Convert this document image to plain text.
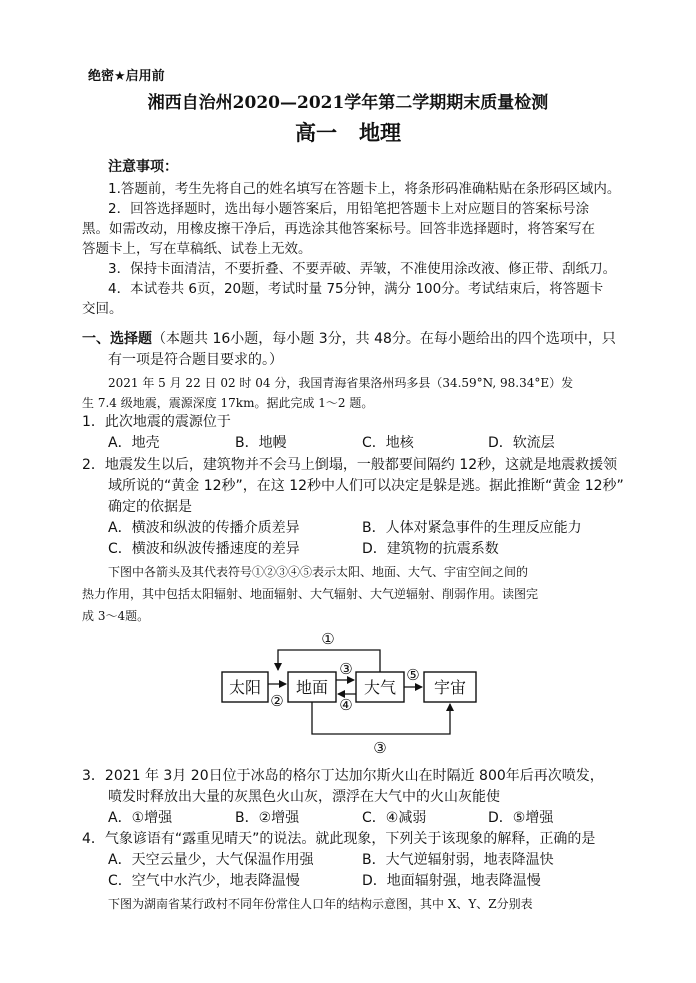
绝密★启用前
湘西自治州2020—2021学年第二学期期末质量检测
高一   地理
注意事项：
1.答题前，考生先将自己的姓名填写在答题卡上，将条形码准确粘贴在条形码区域内。
2．回答选择题时，选出每小题答案后，用铅笔把答题卡上对应题目的答案标号涂
黑。如需改动，用橡皮擦干净后，再选涂其他答案标号。回答非选择题时，将答案写在
答题卡上，写在草稿纸、试卷上无效。
3．保持卡面清洁，不要折叠、不要弄破、弄皱，不准使用涂改液、修正带、刮纸刀。
4．本试卷共 6页，20题，考试时量 75分钟，满分 100分。考试结束后，将答题卡
交回。
一、选择题（本题共 16小题，每小题 3分，共 48分。在每小题给出的四个选项中，只
有一项是符合题目要求的。）
2021 年 5 月 22 日 02 时 04 分，我国青海省果洛州玛多县（34.59°N, 98.34°E）发
生 7.4 级地震，震源深度 17km。据此完成 1～2 题。
1．此次地震的震源位于
A．地壳	B．地幔	C．地核	D．软流层
2．地震发生以后，建筑物并不会马上倒塌，一般都要间隔约 12秒，这就是地震救援领
域所说的“黄金 12秒”，在这 12秒中人们可以决定是躲是逃。据此推断“黄金 12秒”
确定的依据是
A．横波和纵波的传播介质差异	B．人体对紧急事件的生理反应能力
C．横波和纵波传播速度的差异	D．建筑物的抗震系数
下图中各箭头及其代表符号①②③④⑤表示太阳、地面、大气、宇宙空间之间的
热力作用，其中包括太阳辐射、地面辐射、大气辐射、大气逆辐射、削弱作用。读图完
成 3～4题。
太阳 地面 大气 宇宙
①
②
③
④
⑤
③
3．2021 年 3月 20日位于冰岛的格尔丁达加尔斯火山在时隔近 800年后再次喷发，
喷发时释放出大量的灰黑色火山灰，漂浮在大气中的火山灰能使
A．①增强	B．②增强	C．④减弱	D．⑤增强
4．气象谚语有“露重见晴天”的说法。就此现象，下列关于该现象的解释，正确的是
A．天空云量少，大气保温作用强	B．大气逆辐射弱，地表降温快
C．空气中水汽少，地表降温慢	D．地面辐射强，地表降温慢
下图为湖南省某行政村不同年份常住人口年的结构示意图，其中 X、Y、Z分别表
